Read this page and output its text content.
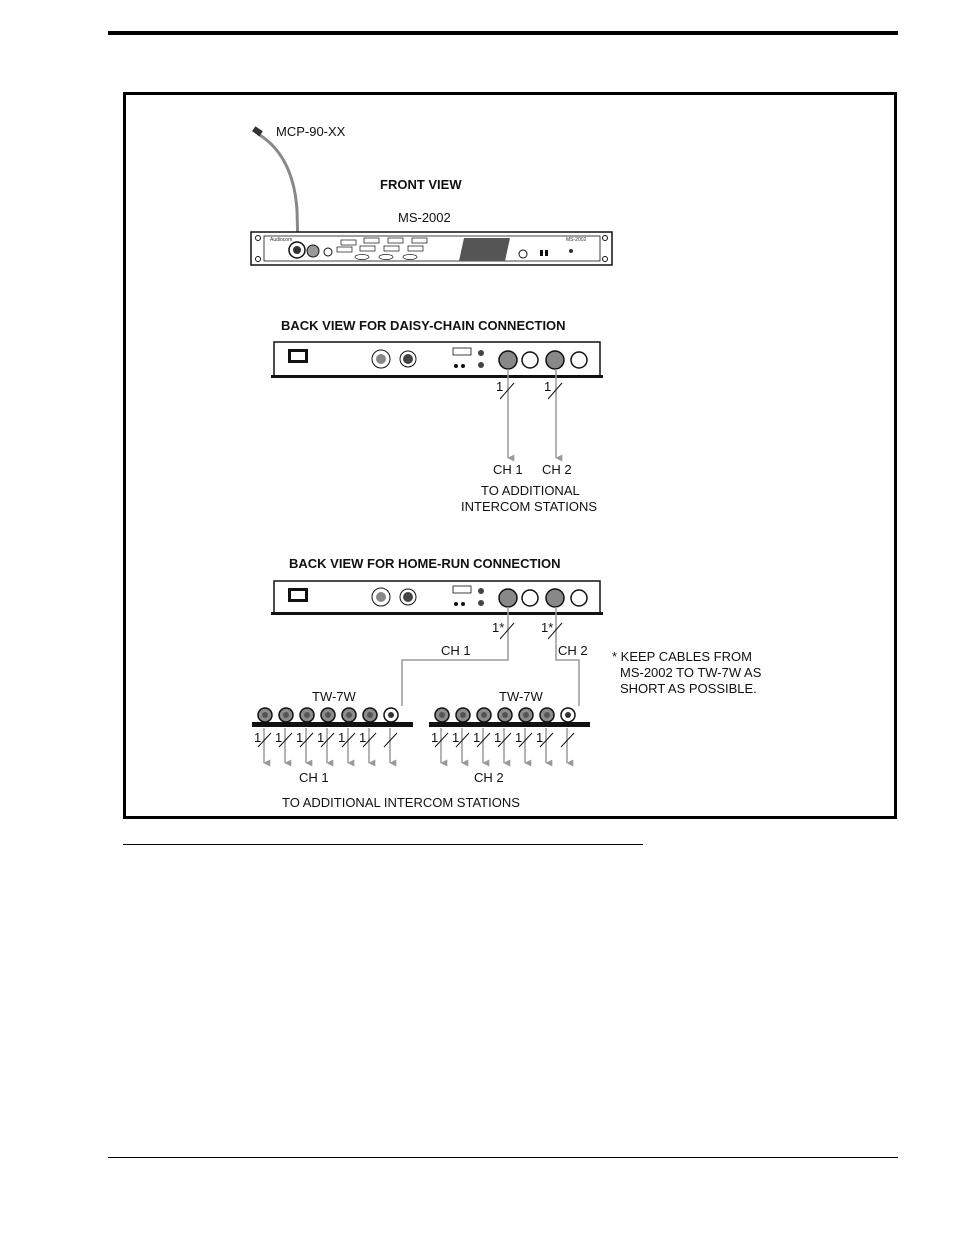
MCP-90-XX
FRONT VIEW
MS-2002
Audiocom	MS-2002
BACK VIEW FOR DAISY-CHAIN CONNECTION
1	1
CH 1 CH 2
TO ADDITIONAL
INTERCOM STATIONS
BACK VIEW FOR HOME-RUN CONNECTION
1*	1*
CH 1	CH 2 * KEEP CABLES FROM
MS-2002 TO TW-7W AS
SHORT AS POSSIBLE.
TW-7W	TW-7W
1 1 1 1 1 1	1 1 1 1 1 1
CH 1	CH 2
TO ADDITIONAL INTERCOM STATIONS
